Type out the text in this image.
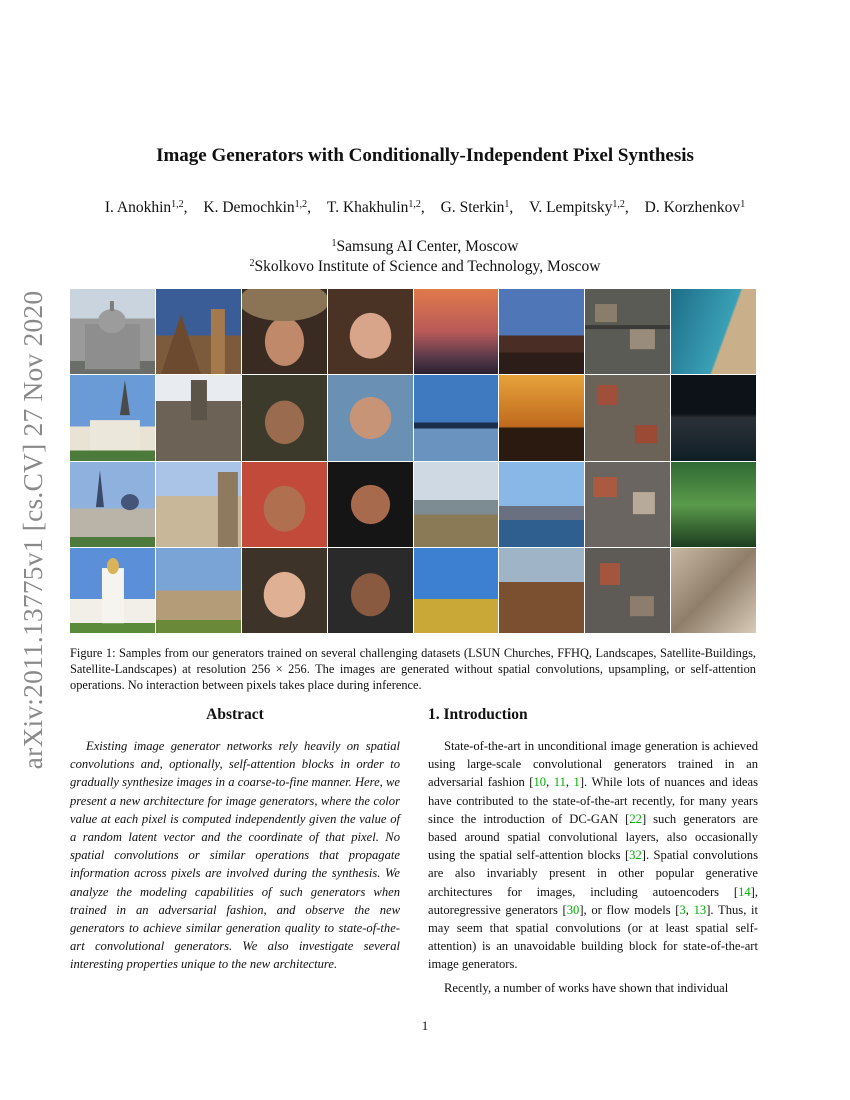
arXiv:2011.13775v1 [cs.CV] 27 Nov 2020
Image Generators with Conditionally-Independent Pixel Synthesis
I. Anokhin$^{1,2}$, K. Demochkin$^{1,2}$, T. Khakhulin$^{1,2}$, G. Sterkin$^1$, V. Lempitsky$^{1,2}$, D. Korzhenkov$^1$
$^1$Samsung AI Center, Moscow
$^2$Skolkovo Institute of Science and Technology, Moscow
Figure 1: Samples from our generators trained on several challenging datasets (LSUN Churches, FFHQ, Landscapes, Satellite-Buildings, Satellite-Landscapes) at resolution 256 × 256. The images are generated without spatial convolutions, upsampling, or self-attention operations. No interaction between pixels takes place during inference.
Abstract

Existing image generator networks rely heavily on spatial convolutions and, optionally, self-attention blocks in order to gradually synthesize images in a coarse-to-fine manner. Here, we present a new architecture for image generators, where the color value at each pixel is computed independently given the value of a random latent vector and the coordinate of that pixel. No spatial convolutions or similar operations that propagate information across pixels are involved during the synthesis. We analyze the modeling capabilities of such generators when trained in an adversarial fashion, and observe the new generators to achieve similar generation quality to state-of-the-art convolutional generators. We also investigate several interesting properties unique to the new architecture.

1. Introduction

State-of-the-art in unconditional image generation is achieved using large-scale convolutional generators trained in an adversarial fashion [10, 11, 1]. While lots of nuances and ideas have contributed to the state-of-the-art recently, for many years since the introduction of DC-GAN [22] such generators are based around spatial convolutional layers, also occasionally using the spatial self-attention blocks [32]. Spatial convolutions are also invariably present in other popular generative architectures for images, including autoencoders [14], autoregressive generators [30], or flow models [3, 13]. Thus, it may seem that spatial convolutions (or at least spatial self-attention) is an unavoidable building block for state-of-the-art image generators.

Recently, a number of works have shown that individual

1
